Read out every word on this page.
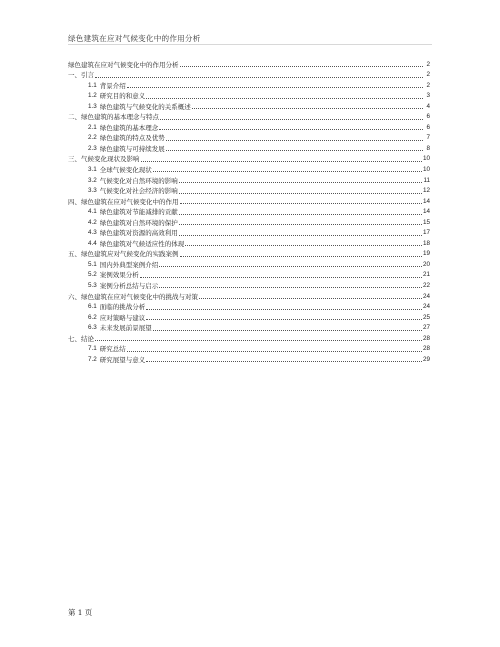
绿色建筑在应对气候变化中的作用分析
绿色建筑在应对气候变化中的作用分析	2
一、引言	2
1.1 背景介绍	2
1.2 研究目的和意义	3
1.3 绿色建筑与气候变化的关系概述	4
二、绿色建筑的基本理念与特点	6
2.1 绿色建筑的基本理念	6
2.2 绿色建筑的特点及优势	7
2.3 绿色建筑与可持续发展	8
三、气候变化现状及影响	10
3.1 全球气候变化现状	10
3.2 气候变化对自然环境的影响	11
3.3 气候变化对社会经济的影响	12
四、绿色建筑在应对气候变化中的作用	14
4.1 绿色建筑对节能减排的贡献	14
4.2 绿色建筑对自然环境的保护	15
4.3 绿色建筑对资源的高效利用	17
4.4 绿色建筑对气候适应性的体现	18
五、绿色建筑应对气候变化的实践案例	19
5.1 国内外典型案例介绍	20
5.2 案例效果分析	21
5.3 案例分析总结与启示	22
六、绿色建筑在应对气候变化中的挑战与对策	24
6.1 面临的挑战分析	24
6.2 应对策略与建议	25
6.3 未来发展前景展望	27
七、结论	28
7.1 研究总结	28
7.2 研究展望与意义	29
第 1 页
